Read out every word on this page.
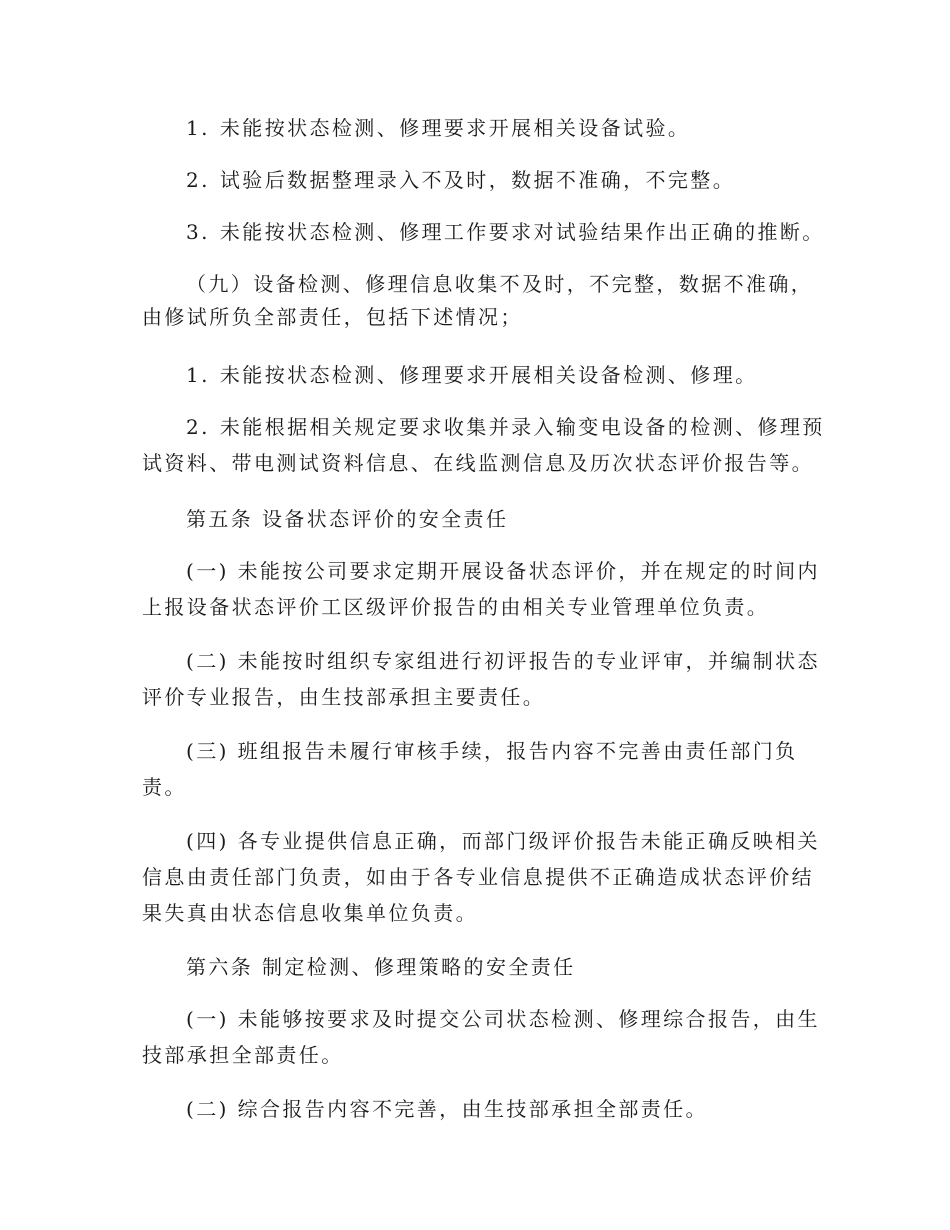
1. 未能按状态检测、修理要求开展相关设备试验。
2. 试验后数据整理录入不及时，数据不准确，不完整。
3. 未能按状态检测、修理工作要求对试验结果作出正确的推断。
（九）设备检测、修理信息收集不及时，不完整，数据不准确，
由修试所负全部责任，包括下述情况；
1. 未能按状态检测、修理要求开展相关设备检测、修理。
2. 未能根据相关规定要求收集并录入输变电设备的检测、修理预
试资料、带电测试资料信息、在线监测信息及历次状态评价报告等。
第五条 设备状态评价的安全责任
(一) 未能按公司要求定期开展设备状态评价，并在规定的时间内
上报设备状态评价工区级评价报告的由相关专业管理单位负责。
(二) 未能按时组织专家组进行初评报告的专业评审，并编制状态
评价专业报告，由生技部承担主要责任。
(三) 班组报告未履行审核手续，报告内容不完善由责任部门负
责。
(四) 各专业提供信息正确，而部门级评价报告未能正确反映相关
信息由责任部门负责，如由于各专业信息提供不正确造成状态评价结
果失真由状态信息收集单位负责。
第六条 制定检测、修理策略的安全责任
(一) 未能够按要求及时提交公司状态检测、修理综合报告，由生
技部承担全部责任。
(二) 综合报告内容不完善，由生技部承担全部责任。
